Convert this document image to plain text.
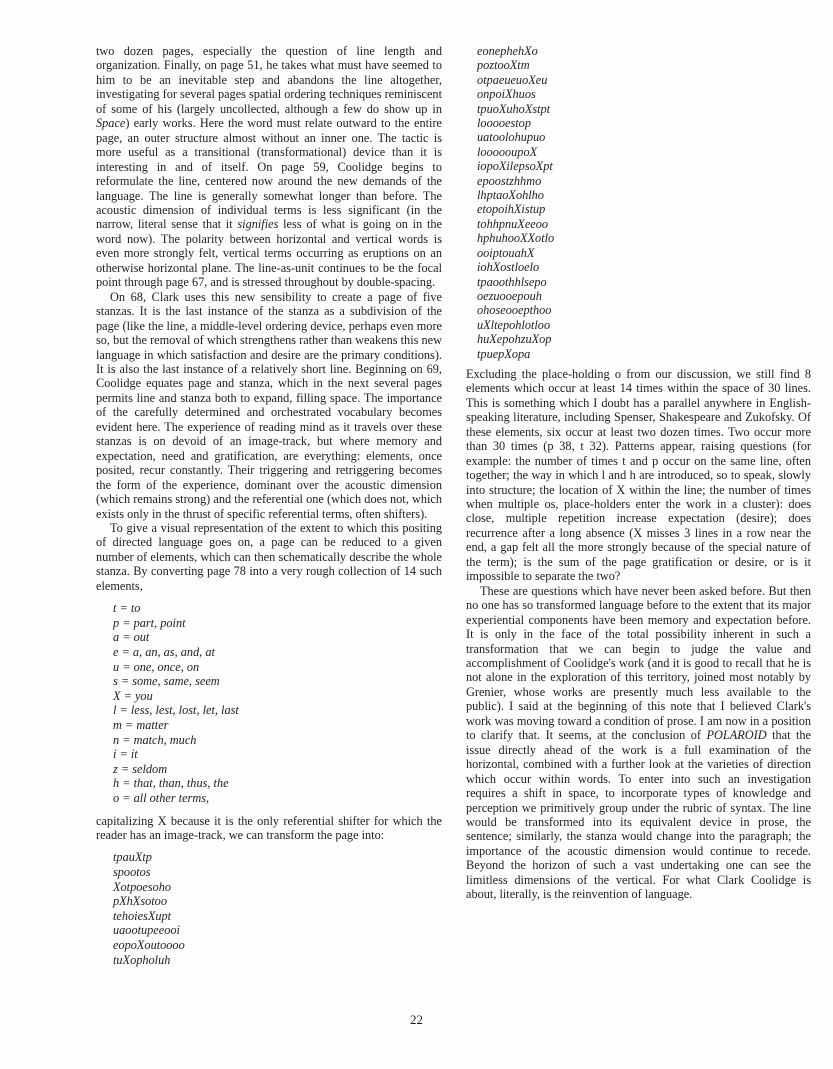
two dozen pages, especially the question of line length and organization. Finally, on page 51, he takes what must have seemed to him to be an inevitable step and abandons the line altogether, investigating for several pages spatial ordering techniques reminiscent of some of his (largely uncollected, although a few do show up in Space) early works. Here the word must relate outward to the entire page, an outer structure almost without an inner one. The tactic is more useful as a transitional (transformational) device than it is interesting in and of itself. On page 59, Coolidge begins to reformulate the line, centered now around the new demands of the language. The line is generally somewhat longer than before. The acoustic dimension of individual terms is less significant (in the narrow, literal sense that it signifies less of what is going on in the word now). The polarity between horizontal and vertical words is even more strongly felt, vertical terms occurring as eruptions on an otherwise horizontal plane. The line-as-unit continues to be the focal point through page 67, and is stressed throughout by double-spacing.

On 68, Clark uses this new sensibility to create a page of five stanzas. It is the last instance of the stanza as a subdivision of the page (like the line, a middle-level ordering device, perhaps even more so, but the removal of which strengthens rather than weakens this new language in which satisfaction and desire are the primary conditions). It is also the last instance of a relatively short line. Beginning on 69, Coolidge equates page and stanza, which in the next several pages permits line and stanza both to expand, filling space. The importance of the carefully determined and orchestrated vocabulary becomes evident here. The experience of reading mind as it travels over these stanzas is on devoid of an image-track, but where memory and expectation, need and gratification, are everything: elements, once posited, recur constantly. Their triggering and retriggering becomes the form of the experience, dominant over the acoustic dimension (which remains strong) and the referential one (which does not, which exists only in the thrust of specific referential terms, often shifters).

To give a visual representation of the extent to which this positing of directed language goes on, a page can be reduced to a given number of elements, which can then schematically describe the whole stanza. By converting page 78 into a very rough collection of 14 such elements,

t = to
p = part, point
a = out
e = a, an, as, and, at
u = one, once, on
s = some, same, seem
X = you
l = less, lest, lost, let, last
m = matter
n = match, much
i = it
z = seldom
h = that, than, thus, the
o = all other terms,

capitalizing X because it is the only referential shifter for which the reader has an image-track, we can transform the page into:

tpauXtp
spootos
Xotpoesoho
pXhXsotoo
tehoiesXupt
uaootupeeooi
eopoXoutoooo
tuXopholuh
eonephehXo
poztooXtm
otpaeueuoXeu
onpoiXhuos
tpuoXuhoXstpt
looooestop
uatoolohupuo
loooooupoX
iopoXilepsoXpt
epoostzhhmo
lhptaoXohlho
etopoihXistup
tohhpnuXeeoo
hphuhooXXotlo
ooiptouahX
iohXostloelo
tpaoothhlsepo
oezuooepouh
ohoseooepthoo
uXltepohlotloo
huXepohzuXop
tpuepXopa

Excluding the place-holding o from our discussion, we still find 8 elements which occur at least 14 times within the space of 30 lines. This is something which I doubt has a parallel anywhere in English-speaking literature, including Spenser, Shakespeare and Zukofsky. Of these elements, six occur at least two dozen times. Two occur more than 30 times (p 38, t 32). Patterns appear, raising questions (for example: the number of times t and p occur on the same line, often together; the way in which l and h are introduced, so to speak, slowly into structure; the location of X within the line; the number of times when multiple os, place-holders enter the work in a cluster): does close, multiple repetition increase expectation (desire); does recurrence after a long absence (X misses 3 lines in a row near the end, a gap felt all the more strongly because of the special nature of the term); is the sum of the page gratification or desire, or is it impossible to separate the two?

These are questions which have never been asked before. But then no one has so transformed language before to the extent that its major experiential components have been memory and expectation before. It is only in the face of the total possibility inherent in such a transformation that we can begin to judge the value and accomplishment of Coolidge's work (and it is good to recall that he is not alone in the exploration of this territory, joined most notably by Grenier, whose works are presently much less available to the public). I said at the beginning of this note that I believed Clark's work was moving toward a condition of prose. I am now in a position to clarify that. It seems, at the conclusion of POLAROID that the issue directly ahead of the work is a full examination of the horizontal, combined with a further look at the varieties of direction which occur within words. To enter into such an investigation requires a shift in space, to incorporate types of knowledge and perception we primitively group under the rubric of syntax. The line would be transformed into its equivalent device in prose, the sentence; similarly, the stanza would change into the paragraph; the importance of the acoustic dimension would continue to recede. Beyond the horizon of such a vast undertaking one can see the limitless dimensions of the vertical. For what Clark Coolidge is about, literally, is the reinvention of language.

22
